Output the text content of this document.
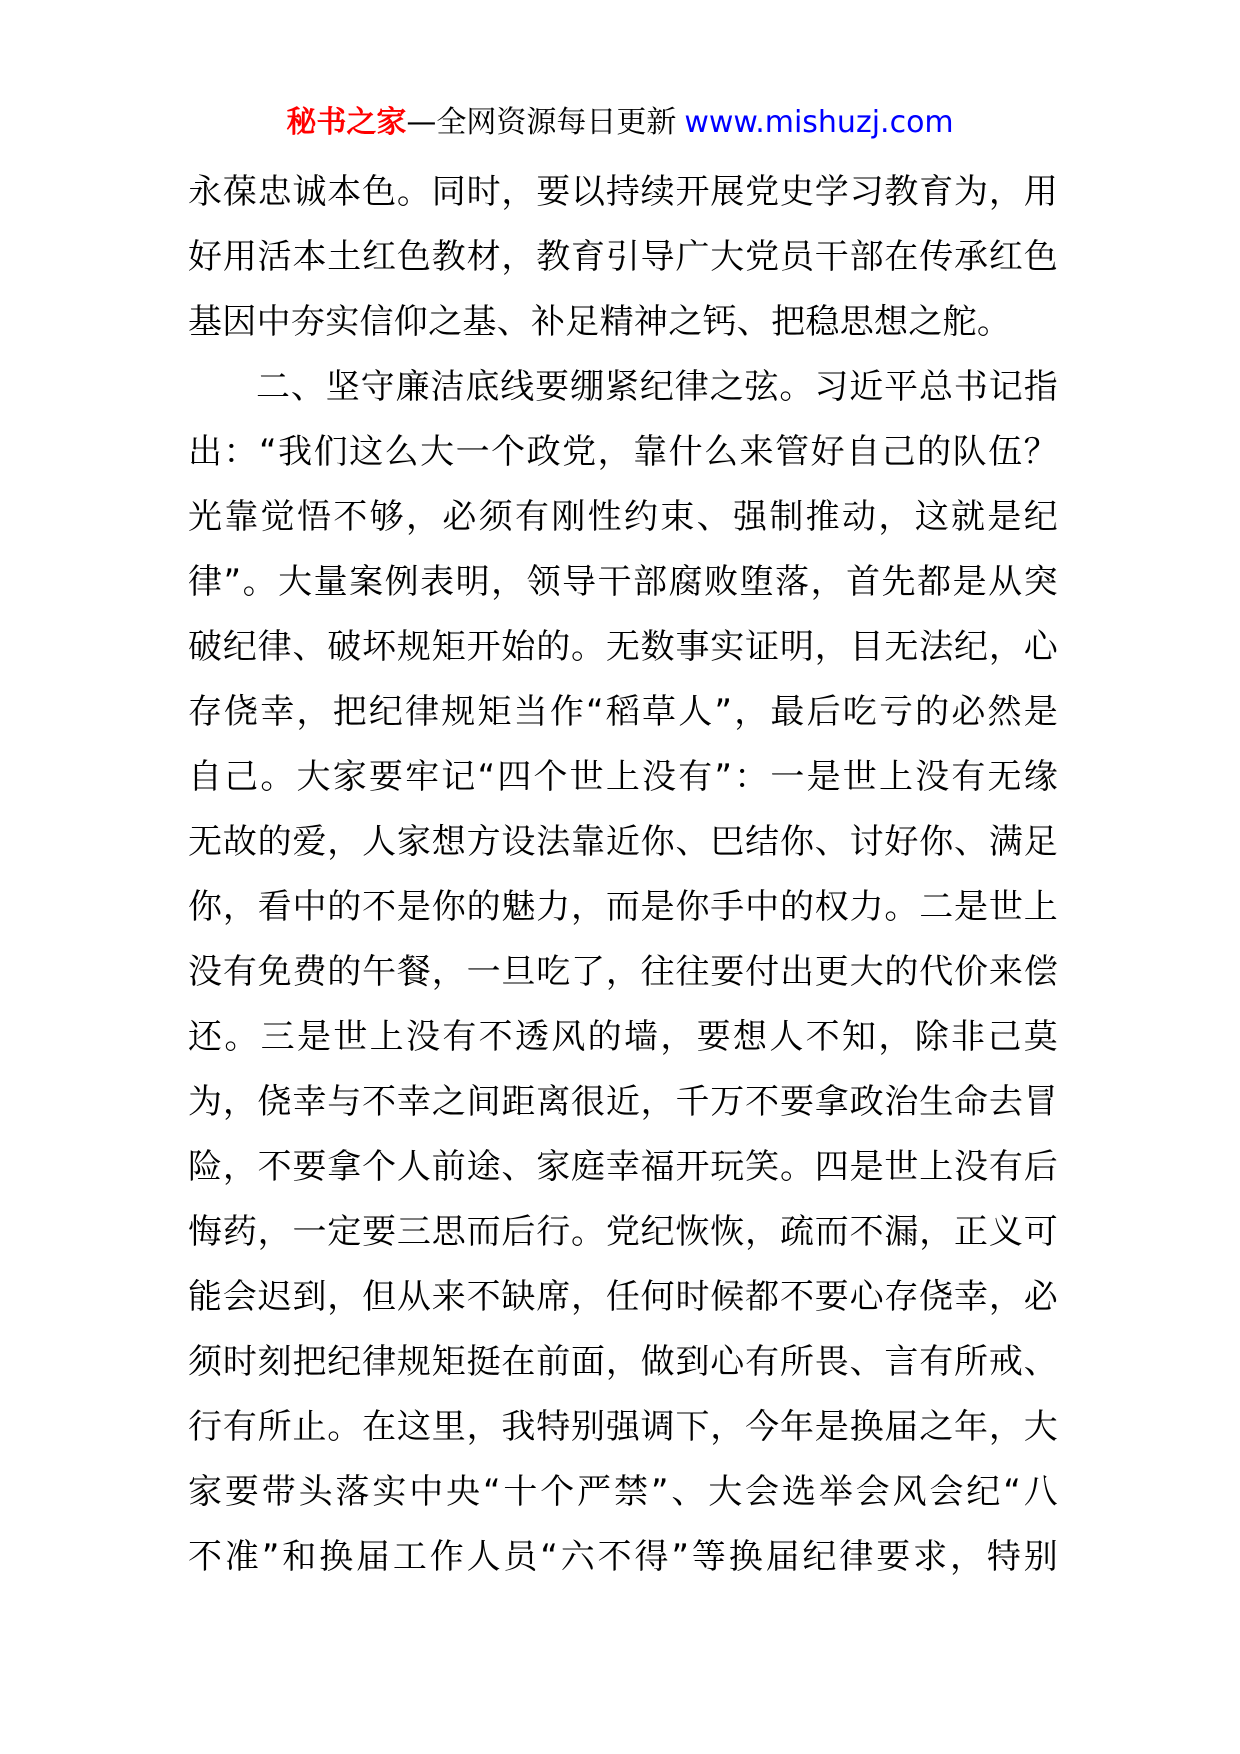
秘书之家—全网资源每日更新 www.mishuzj.com
永葆忠诚本色。同时，要以持续开展党史学习教育为，用
好用活本土红色教材，教育引导广大党员干部在传承红色
基因中夯实信仰之基、补足精神之钙、把稳思想之舵。
二、坚守廉洁底线要绷紧纪律之弦。习近平总书记指
出：“我们这么大一个政党，靠什么来管好自己的队伍？
光靠觉悟不够，必须有刚性约束、强制推动，这就是纪
律”。大量案例表明，领导干部腐败堕落，首先都是从突
破纪律、破坏规矩开始的。无数事实证明，目无法纪，心
存侥幸，把纪律规矩当作“稻草人”，最后吃亏的必然是
自己。大家要牢记“四个世上没有”：一是世上没有无缘
无故的爱，人家想方设法靠近你、巴结你、讨好你、满足
你，看中的不是你的魅力，而是你手中的权力。二是世上
没有免费的午餐，一旦吃了，往往要付出更大的代价来偿
还。三是世上没有不透风的墙，要想人不知，除非己莫
为，侥幸与不幸之间距离很近，千万不要拿政治生命去冒
险，不要拿个人前途、家庭幸福开玩笑。四是世上没有后
悔药，一定要三思而后行。党纪恢恢，疏而不漏，正义可
能会迟到，但从来不缺席，任何时候都不要心存侥幸，必
须时刻把纪律规矩挺在前面，做到心有所畏、言有所戒、
行有所止。在这里，我特别强调下，今年是换届之年，大
家要带头落实中央“十个严禁”、大会选举会风会纪“八
不准”和换届工作人员“六不得”等换届纪律要求，特别
